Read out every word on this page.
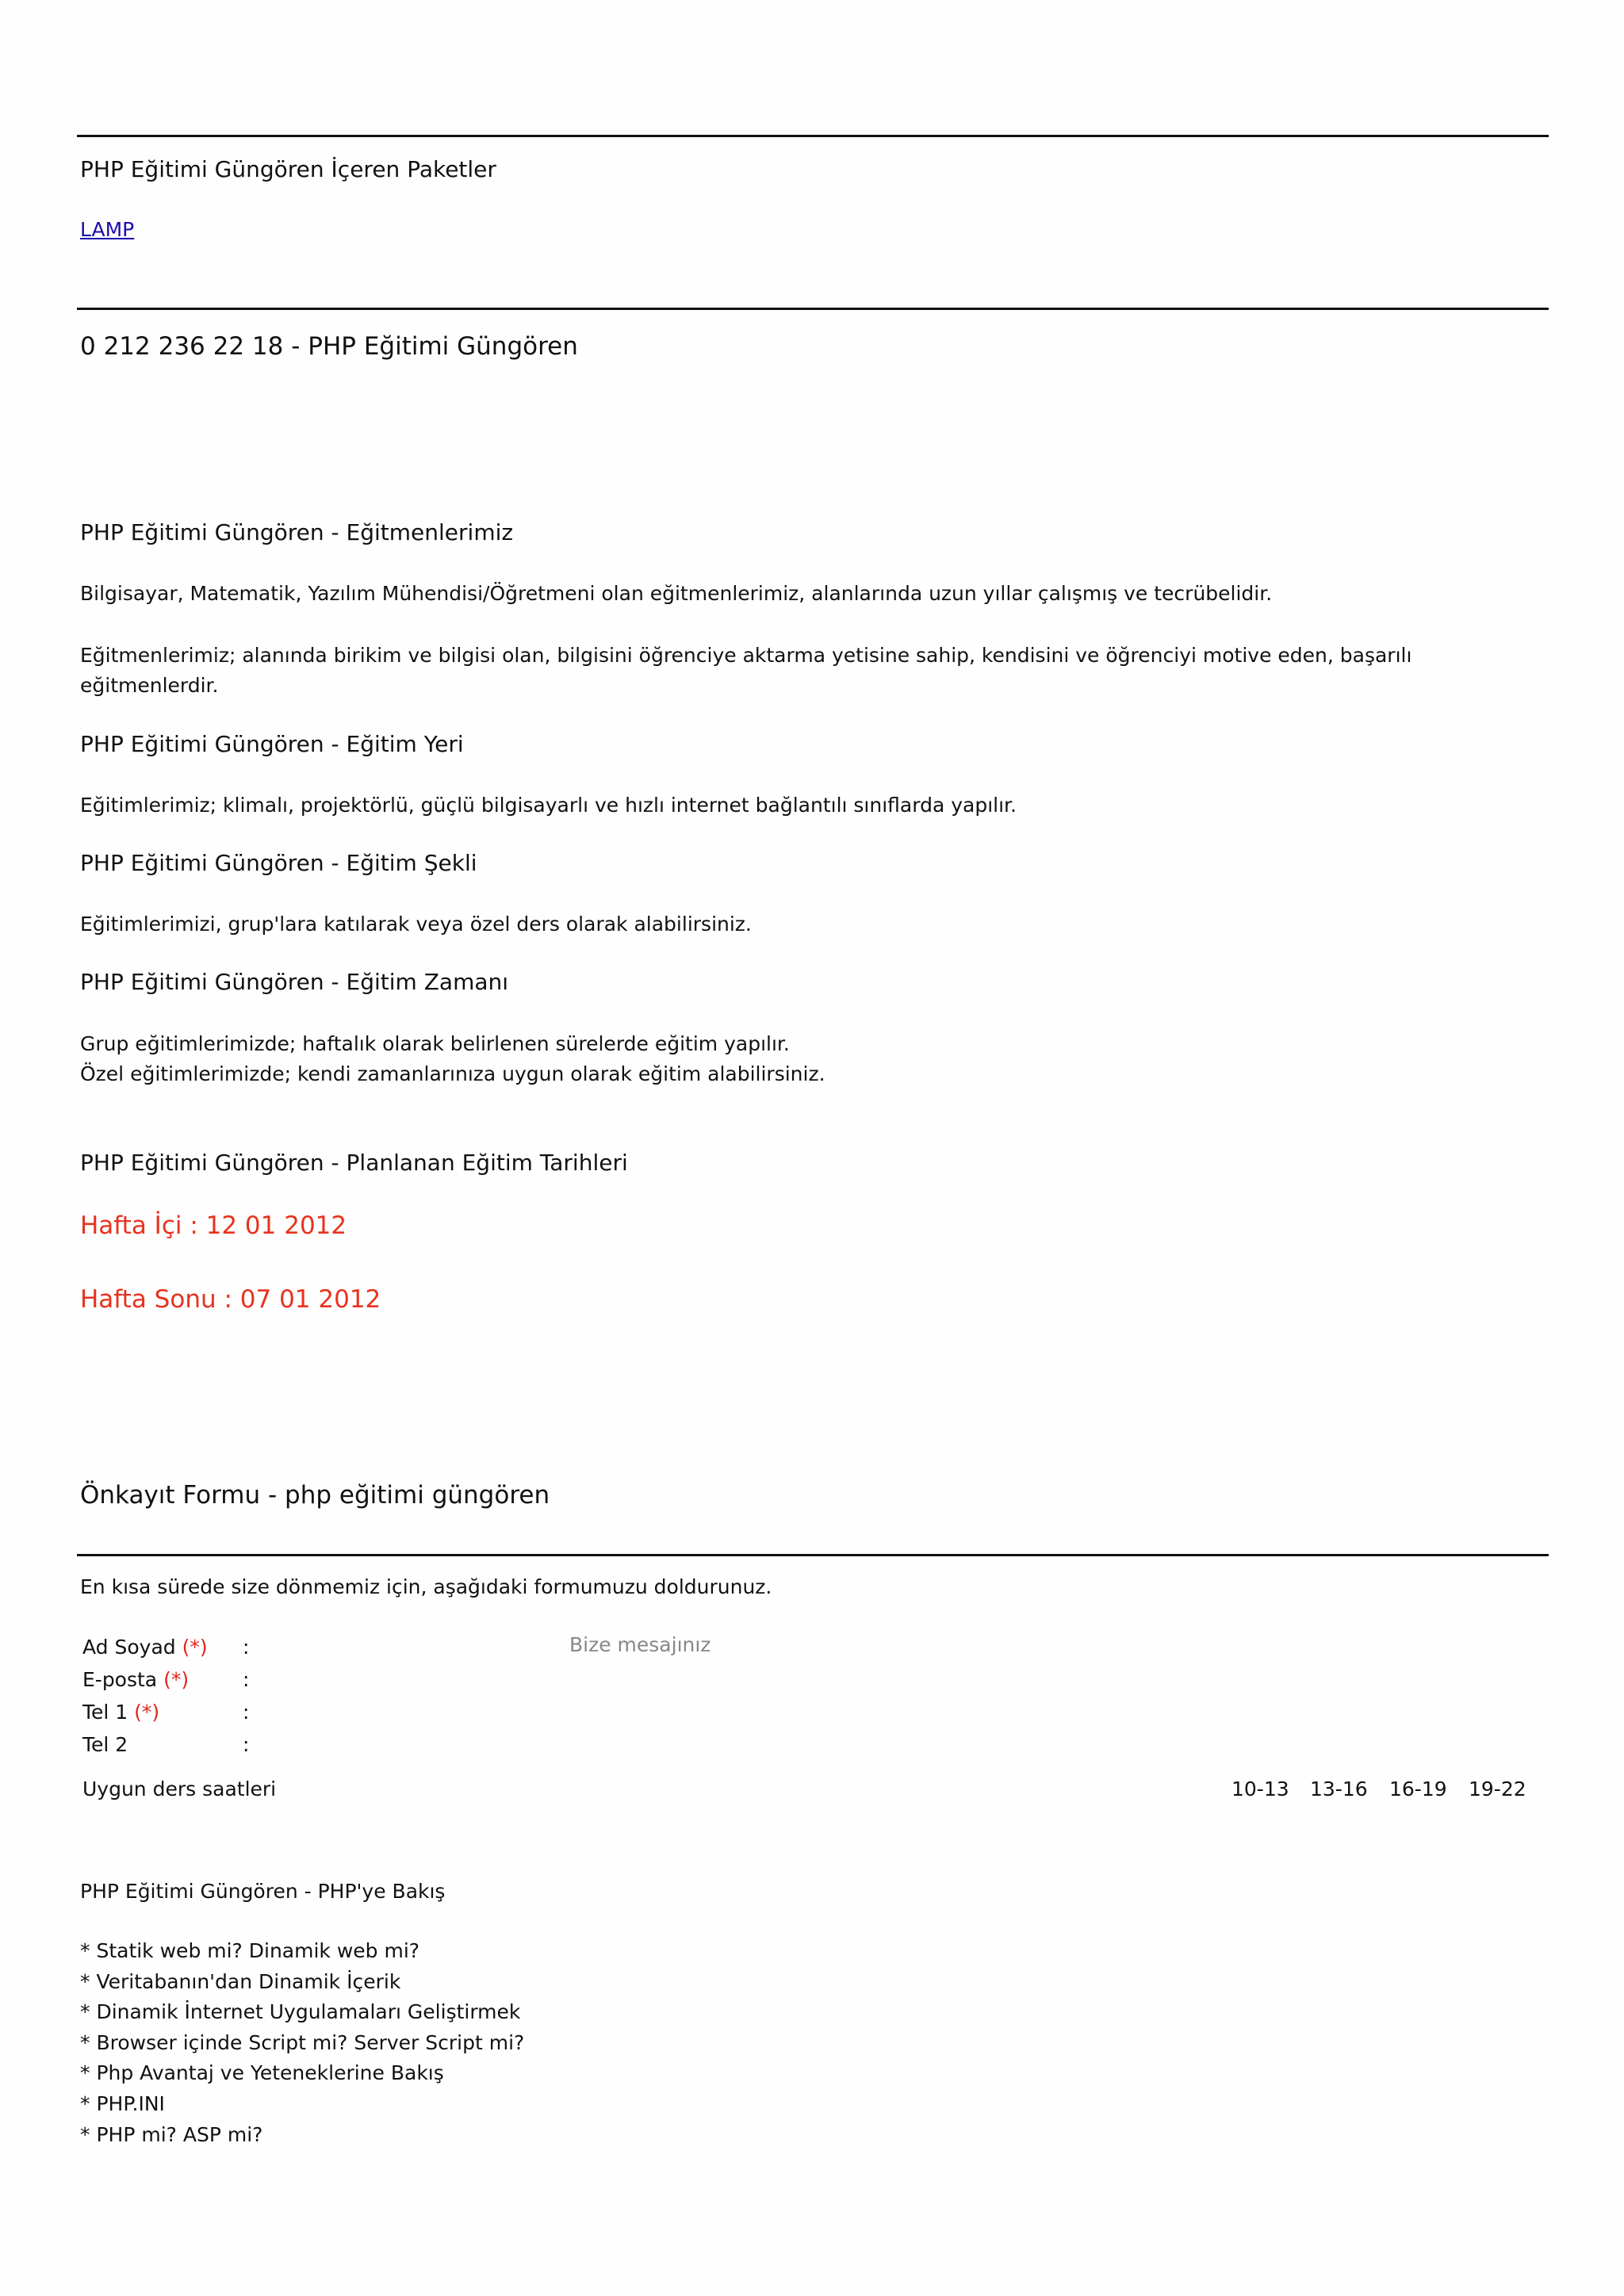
PHP Eğitimi Güngören İçeren Paketler
LAMP
0 212 236 22 18 - PHP Eğitimi Güngören
PHP Eğitimi Güngören - Eğitmenlerimiz
Bilgisayar, Matematik, Yazılım Mühendisi/Öğretmeni olan eğitmenlerimiz, alanlarında uzun yıllar çalışmış ve tecrübelidir.
Eğitmenlerimiz; alanında birikim ve bilgisi olan, bilgisini öğrenciye aktarma yetisine sahip, kendisini ve öğrenciyi motive eden, başarılı eğitmenlerdir.
PHP Eğitimi Güngören - Eğitim Yeri
Eğitimlerimiz; klimalı, projektörlü, güçlü bilgisayarlı ve hızlı internet bağlantılı sınıflarda yapılır.
PHP Eğitimi Güngören - Eğitim Şekli
Eğitimlerimizi, grup'lara katılarak veya özel ders olarak alabilirsiniz.
PHP Eğitimi Güngören - Eğitim Zamanı
Grup eğitimlerimizde; haftalık olarak belirlenen sürelerde eğitim yapılır.
Özel eğitimlerimizde; kendi zamanlarınıza uygun olarak eğitim alabilirsiniz.
PHP Eğitimi Güngören - Planlanan Eğitim Tarihleri
Hafta İçi : 12 01 2012
Hafta Sonu : 07 01 2012
Önkayıt Formu - php eğitimi güngören
En kısa sürede size dönmemiz için, aşağıdaki formumuzu doldurunuz.
Ad Soyad (*) :
E-posta (*)	:
Tel 1 (*)	:
Tel 2	:
Bize mesajınız
Uygun ders saatleri	10-13 13-16 16-19 19-22
PHP Eğitimi Güngören - PHP'ye Bakış
* Statik web mi? Dinamik web mi?
* Veritabanın'dan Dinamik İçerik
* Dinamik İnternet Uygulamaları Geliştirmek
* Browser içinde Script mi? Server Script mi?
* Php Avantaj ve Yeteneklerine Bakış
* PHP.INI
* PHP mi? ASP mi?
